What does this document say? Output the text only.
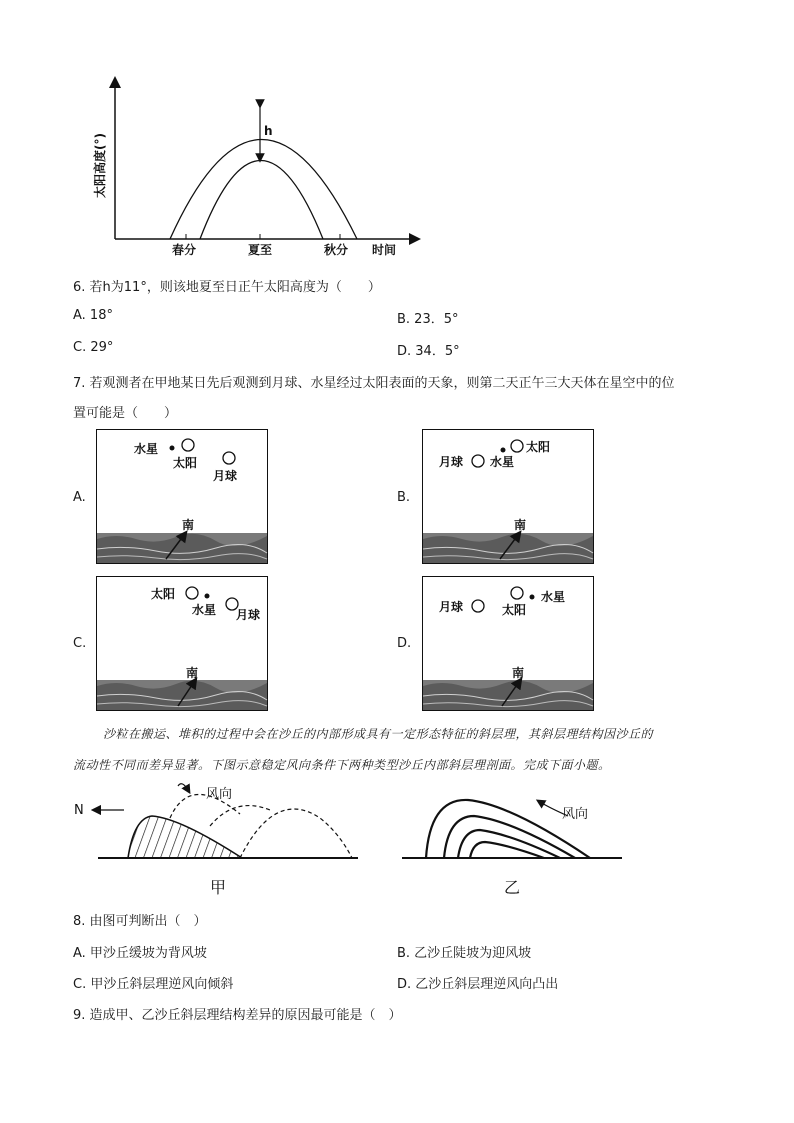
h
春分	夏至	秋分 时间
太阳高度(°)
6. 若h为11°，则该地夏至日正午太阳高度为（　　）
A. 18°	B. 23．5°
C. 29°	D. 34．5°
7. 若观测者在甲地某日先后观测到月球、水星经过太阳表面的天象，则第二天正午三大天体在星空中的位
置可能是（　　）
A.	B.
C.	D.
南
水星
太阳
月球
南
太阳
月球 水星
南
太阳
水星 月球
南
月球
水星
太阳
沙粒在搬运、堆积的过程中会在沙丘的内部形成具有一定形态特征的斜层理，其斜层理结构因沙丘的
流动性不同而差异显著。下图示意稳定风向条件下两种类型沙丘内部斜层理剖面。完成下面小题。
N
风向
甲
风向
乙
8. 由图可判断出（　）
A. 甲沙丘缓坡为背风坡	B. 乙沙丘陡坡为迎风坡
C. 甲沙丘斜层理逆风向倾斜	D. 乙沙丘斜层理逆风向凸出
9. 造成甲、乙沙丘斜层理结构差异的原因最可能是（　）
